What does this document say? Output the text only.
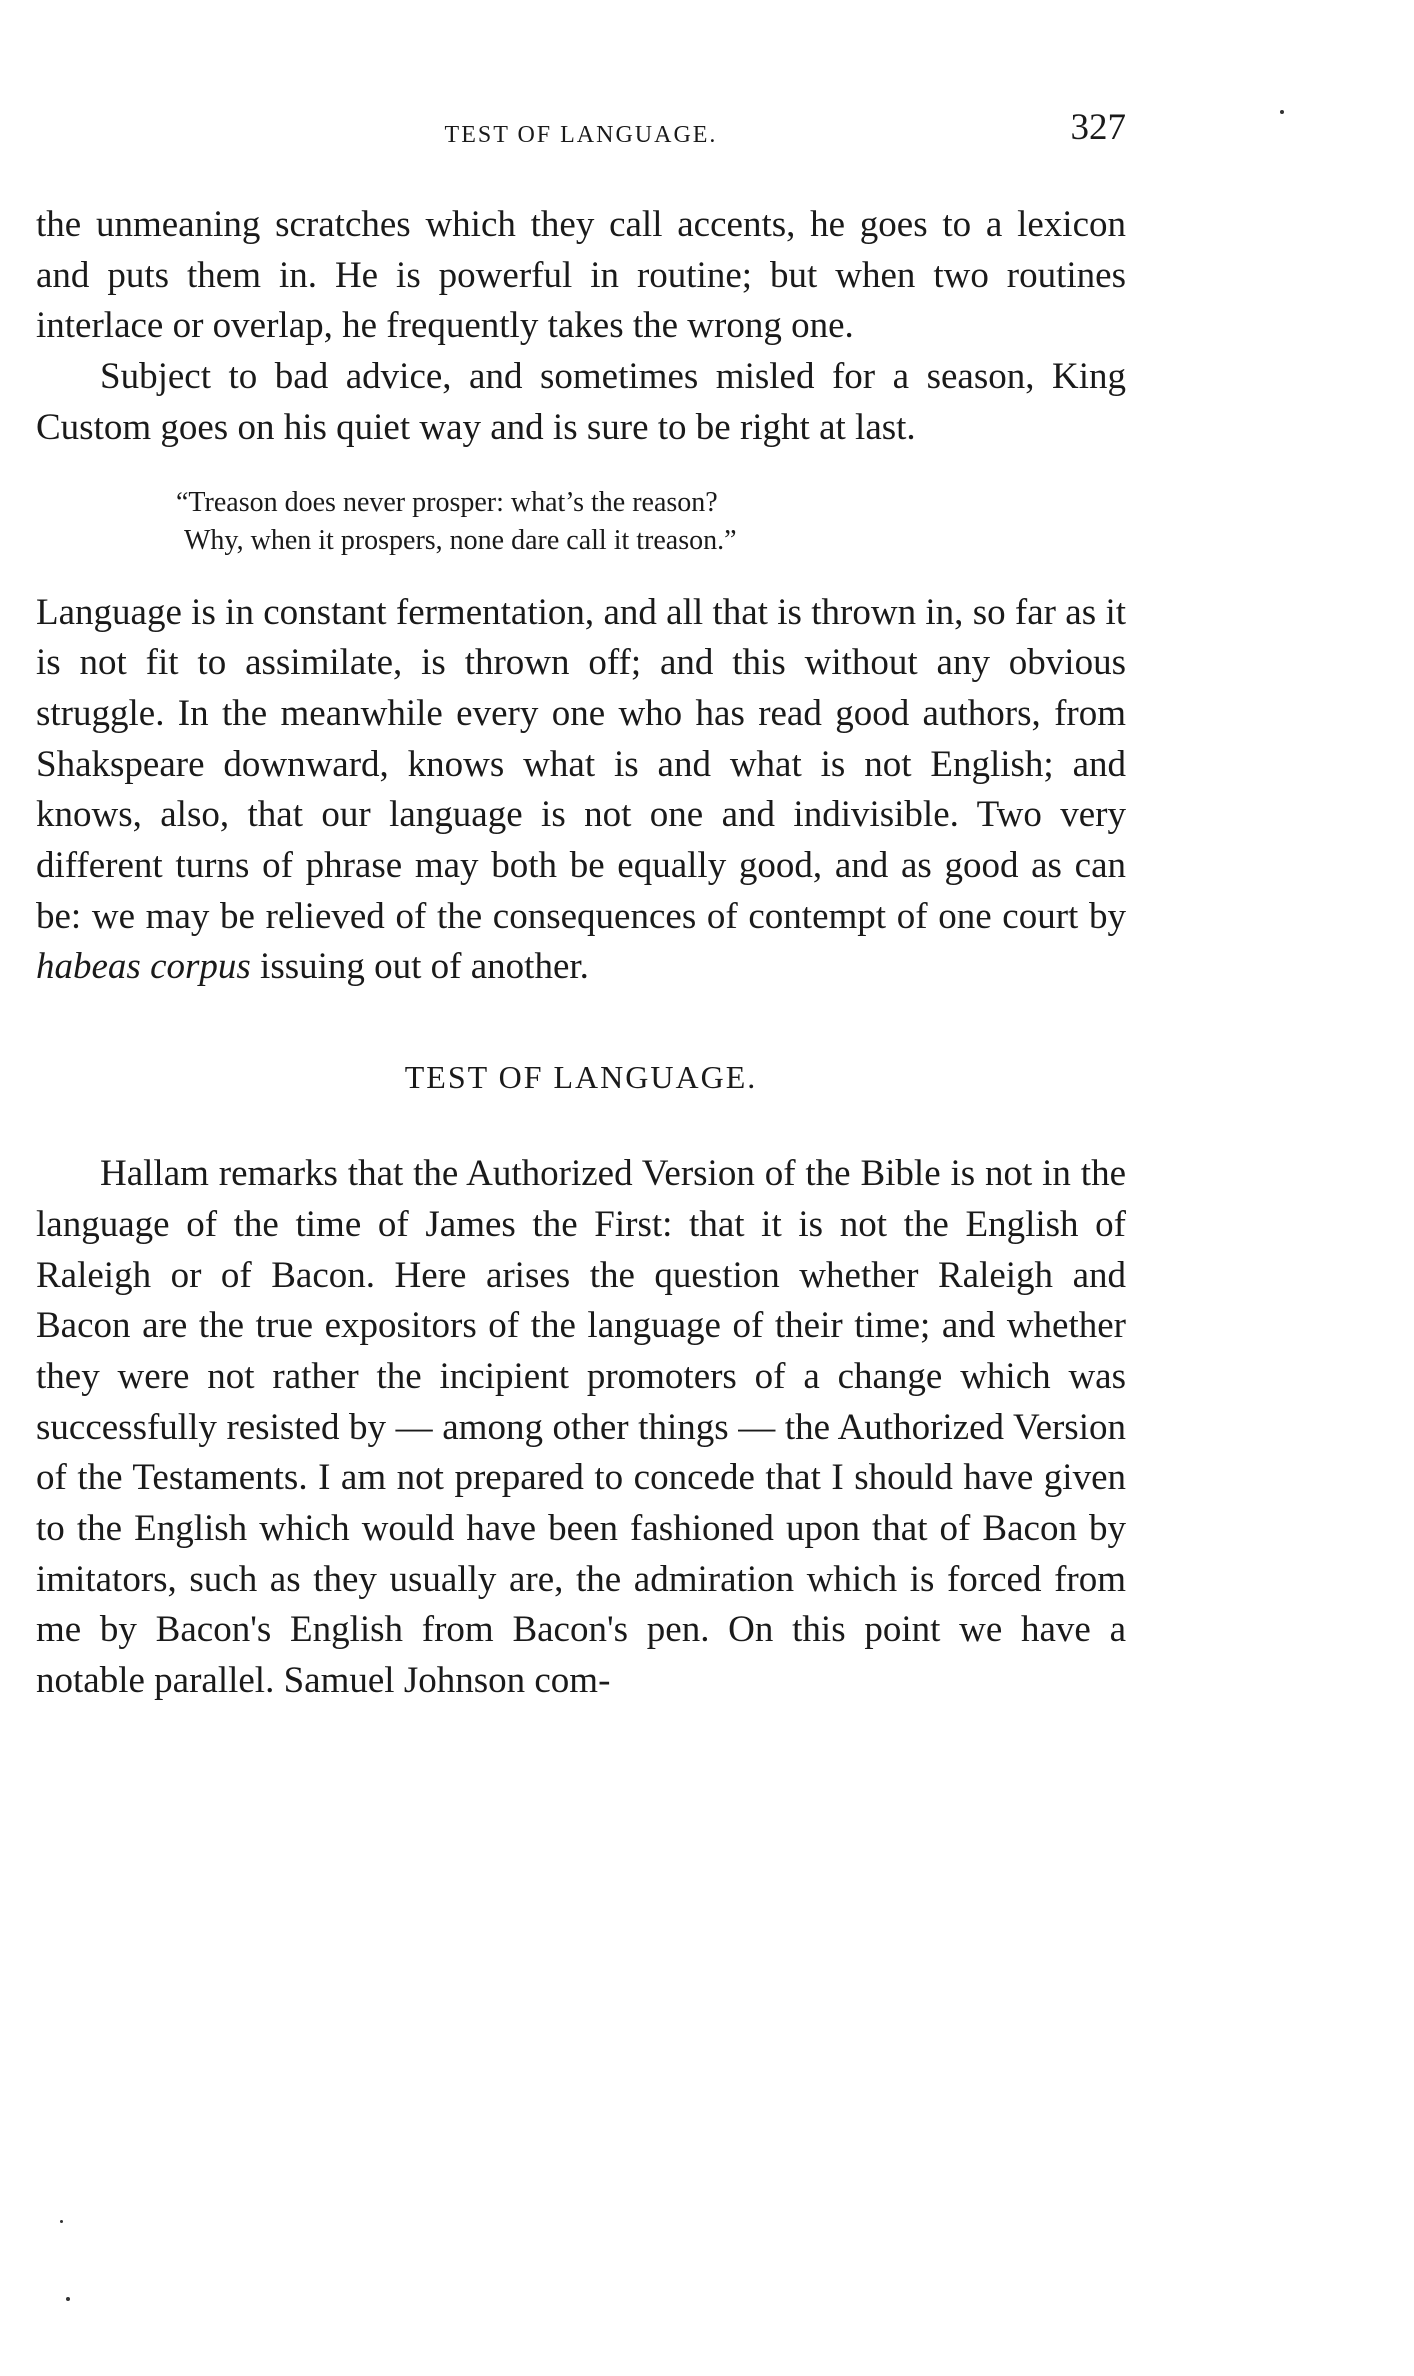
TEST OF LANGUAGE.	327

the unmeaning scratches which they call accents, he goes to a lexicon and puts them in. He is powerful in routine; but when two routines interlace or overlap, he frequently takes the wrong one.

Subject to bad advice, and sometimes misled for a season, King Custom goes on his quiet way and is sure to be right at last.

“Treason does never prosper: what’s the reason?
Why, when it prospers, none dare call it treason.”

Language is in constant fermentation, and all that is thrown in, so far as it is not fit to assimilate, is thrown off; and this without any obvious struggle. In the meanwhile every one who has read good authors, from Shakspeare downward, knows what is and what is not English; and knows, also, that our language is not one and indivisible. Two very different turns of phrase may both be equally good, and as good as can be: we may be relieved of the consequences of contempt of one court by habeas corpus issuing out of another.

TEST OF LANGUAGE.

Hallam remarks that the Authorized Version of the Bible is not in the language of the time of James the First: that it is not the English of Raleigh or of Bacon. Here arises the question whether Raleigh and Bacon are the true expositors of the language of their time; and whether they were not rather the incipient promoters of a change which was successfully resisted by — among other things — the Authorized Version of the Testaments. I am not prepared to concede that I should have given to the English which would have been fashioned upon that of Bacon by imitators, such as they usually are, the admiration which is forced from me by Bacon's English from Bacon's pen. On this point we have a notable parallel. Samuel Johnson com-
